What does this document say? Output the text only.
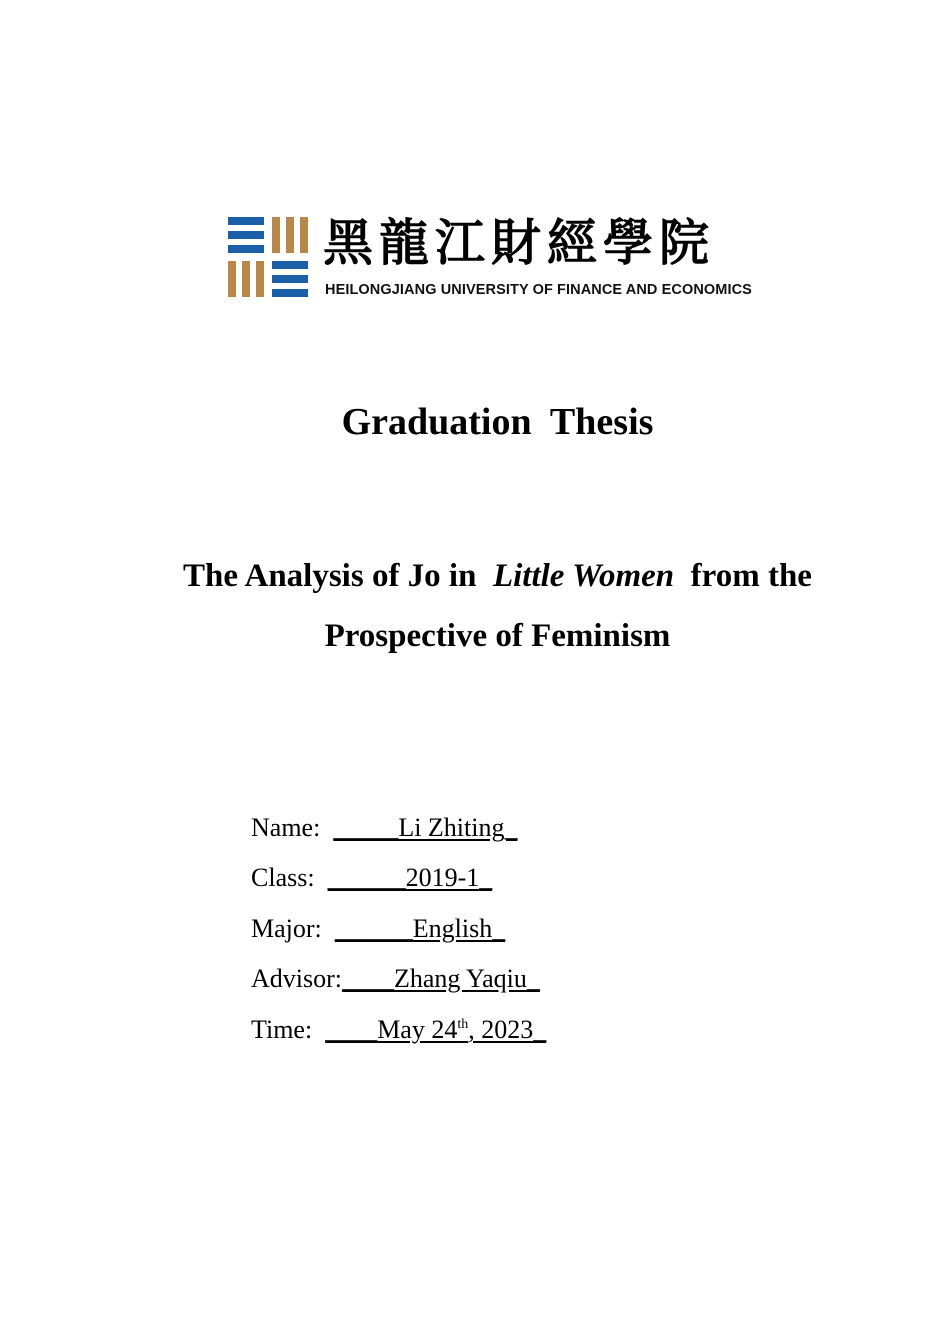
黑龍江財經學院
HEILONGJIANG UNIVERSITY OF FINANCE AND ECONOMICS
Graduation  Thesis
The Analysis of Jo in  Little Women  from the
Prospective of Feminism
Name:  _____Li Zhiting_
Class:  ______2019-1_
Major:  ______English_
Advisor:____Zhang Yaqiu_
Time:  ____May 24th, 2023_
